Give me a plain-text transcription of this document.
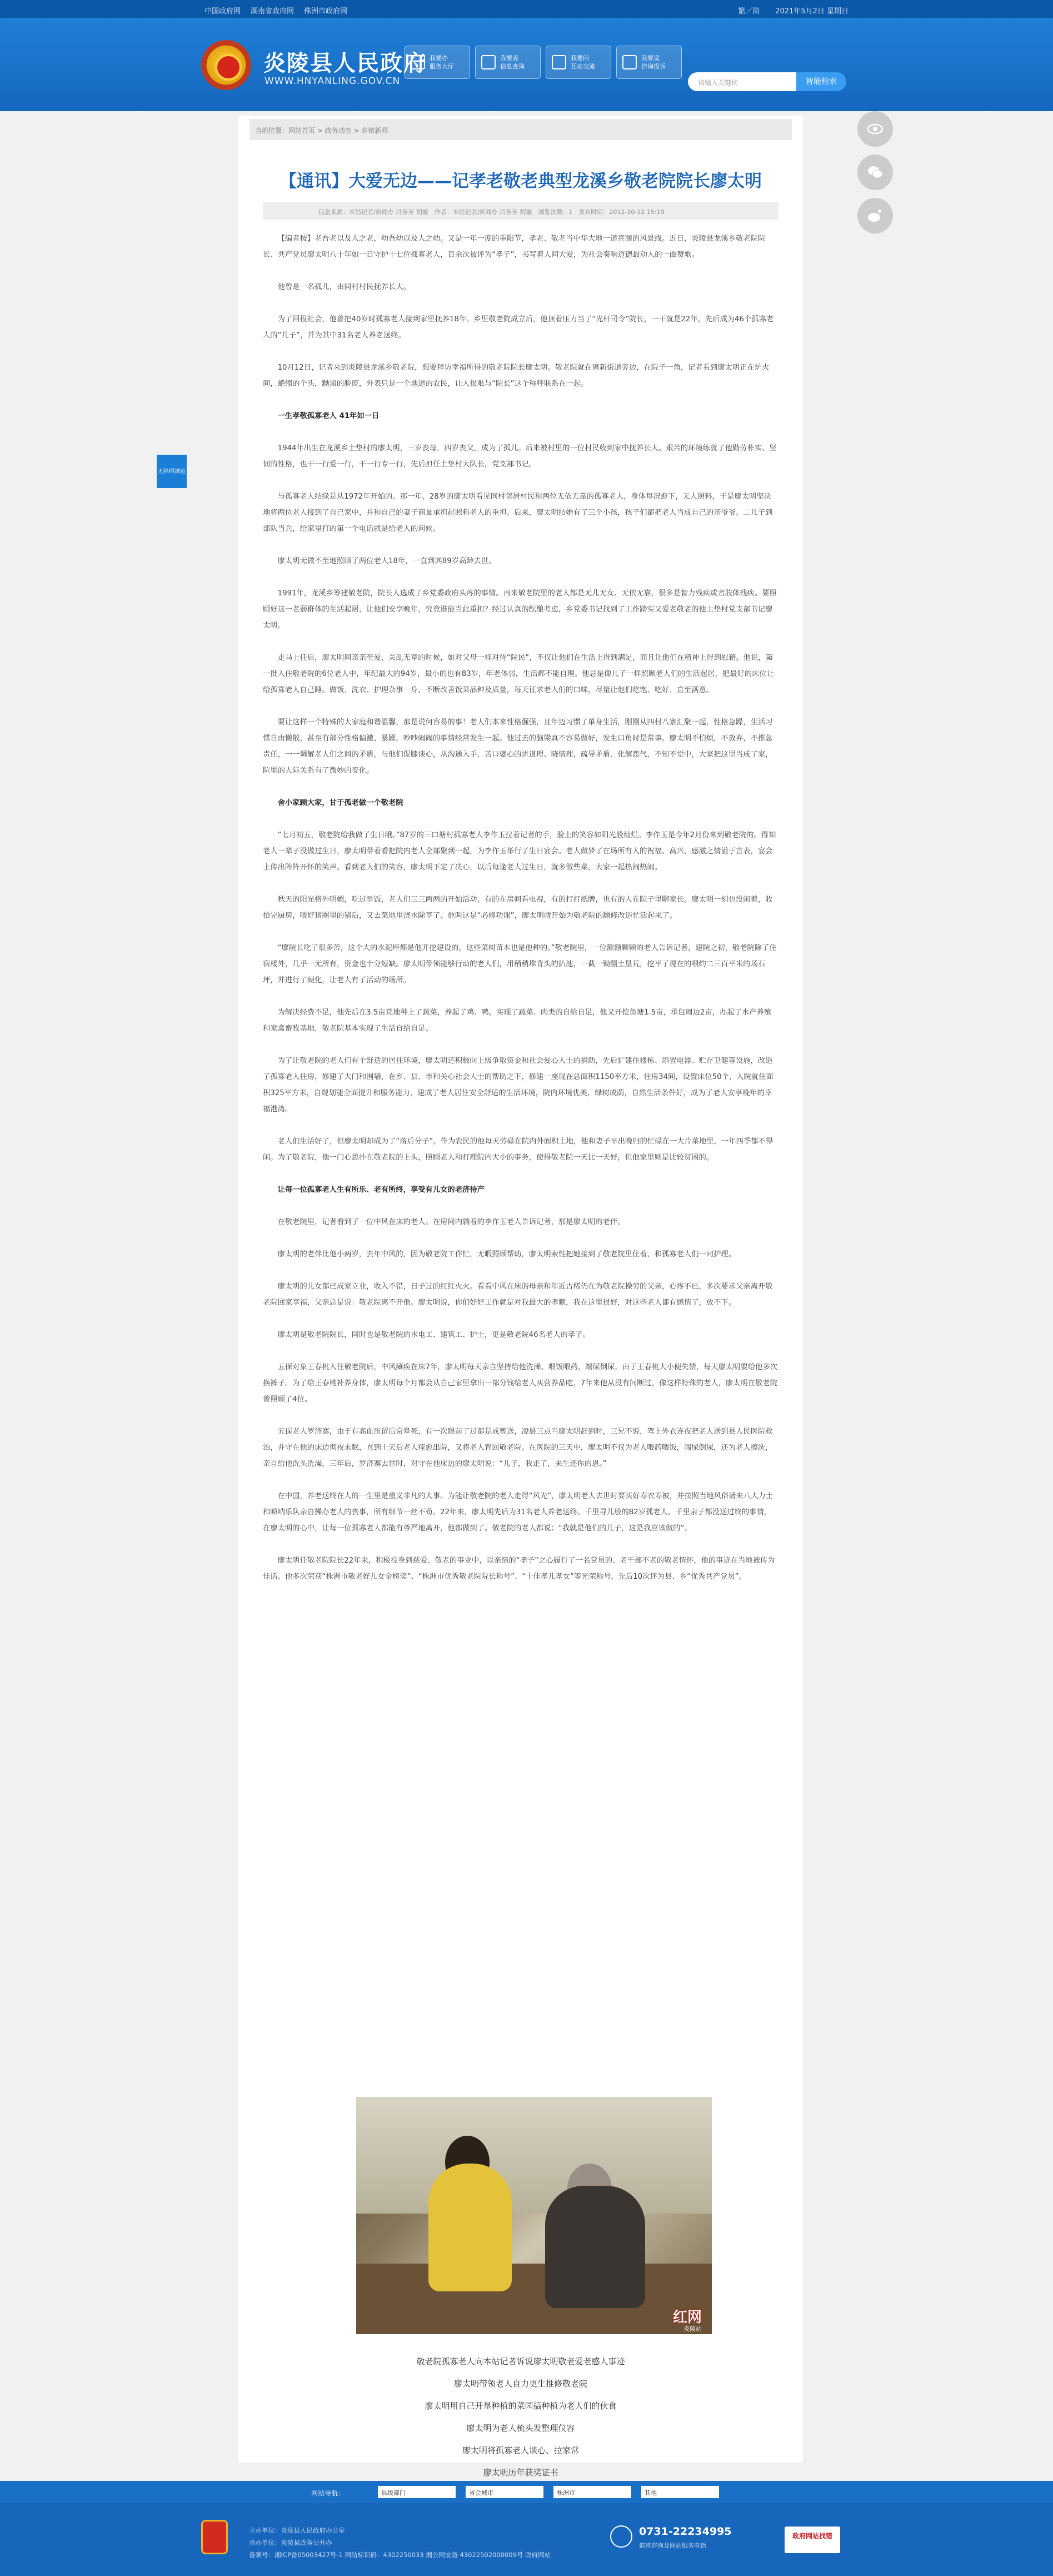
中国政府网 湖南省政府网 株洲市政府网	繁／简 2021年5月2日 星期日
炎陵县人民政府
WWW.HNYANLING.GOV.CN
我要办
服务大厅
我要查
信息查询
我要问
互动交流
我要说
咨询投诉
请输入关键词	智能检索
无障碍浏览
当前位置：网站首页 > 政务动态 > 乡镇新闻
【通讯】大爱无边——记孝老敬老典型龙溪乡敬老院院长廖太明
信息来源：本站记者/新闻办 冯芳芳 胡璇　作者：本站记者/新闻办 冯芳芳 胡璇　浏览次数：1　发布时间：2012-10-12 15:19

【编者按】老吾老以及人之老，幼吾幼以及人之幼。又是一年一度的重阳节，孝老、敬老当中华大地一道亮丽的风景线。近日，炎陵县龙溪乡敬老院院长、共产党员廖太明八十年如一日守护十七位孤寡老人，百余次被评为“孝子”，书写着人间大爱，为社会奏响道德最动人的一曲赞歌。

他曾是一名孤儿，由同村村民抚养长大。

为了回报社会，他曾把40岁时孤寡老人接到家里抚养18年。乡里敬老院成立后，他顶着压力当了“光杆司令”院长，一干就是22年，先后成为46个孤寡老人的“儿子”，并为其中31名老人养老送终。

10月12日，记者来到炎陵县龙溪乡敬老院，想要拜访幸福所得的敬老院院长廖太明。敬老院就在离新街道旁边，在院子一角，记者看到廖太明正在炉火间，蜷缩的个头，黝黑的脸庞，外表只是一个地道的农民，让人很难与“院长”这个称呼联系在一起。

一生孝敬孤寡老人 41年如一日

1944年出生在龙溪乡土垫村的廖太明，三岁丧母，四岁丧父，成为了孤儿。后来被村里的一位村民收到家中抚养长大。艰苦的环境练就了他勤劳朴实、坚韧的性格，也干一行爱一行，干一行专一行，先后担任土垫村大队长，党支部书记。

与孤寡老人结缘是从1972年开始的。那一年，28岁的廖太明看见同村邻居村民和两位无依无靠的孤寡老人，身体每况愈下，无人照料，于是廖太明坚决地将两位老人接到了自己家中，并和自己的妻子商量承担起照料老人的重担。后来，廖太明结婚有了三个小孩，孩子们都把老人当成自己的亲爷爷。二儿子到部队当兵，给家里打的第一个电话就是给老人的问候。

廖太明无微不至地照顾了两位老人18年，一直到其89岁高龄去世。

1991年，龙溪乡筹建敬老院，院长人选成了乡党委政府头疼的事情。再来敬老院里的老人都是无儿无女、无依无靠，很多是智力残疾或者肢体残疾。要照顾好这一老弱群体的生活起居，让他们安享晚年，究竟谁能当此重担？经过认真的酝酿考虑，乡党委书记找到了工作踏实又爱老敬老的他土垫村党支部书记廖太明。

走马上任后，廖太明同亲亲至爱，关乱无章的时候，如对父母一样对待“院民”，不仅让他们在生活上得到满足，而且让他们在精神上得到慰藉。他说，第一批入住敬老院的6位老人中，年纪最大的94岁，最小的也有83岁，年老体弱，生活都不能自理。他总是像儿子一样照顾老人们的生活起居，把最好的床位让给孤寡老人自己睡。做饭、洗衣、护理杂事一身，不断改善饭菜品种及质量，每天征求老人们的口味，尽量让他们吃饱、吃好、直至满意。

要让这样一个特殊的大家庭和谐温馨，那是说何容易的事！老人们本来性格倔强，且年迈习惯了单身生活，刚刚从四村八寨汇聚一起，性格急躁，生活习惯自由懒散，甚至有部分性格偏激、暴躁，吵吵闹闹的事情经常发生一起。他过去的脑梁真不容易做好，发生口角时是常事。廖太明不怕烦，不放弃，不推急责任，一一调解老人们之间的矛盾，与他们促膝谈心，从沟通入手，苦口婆心的讲道理、晓情理，疏导矛盾、化解怨气，不知不觉中，大家把这里当成了家，院里的人际关系有了微妙的变化。

舍小家顾大家，甘于孤老做一个敬老院

“七月初五，敬老院给我做了生日哦。”87岁的三口塘村孤寡老人李作玉拉着记者的手，脸上的笑容如阳光般灿烂。李作玉是今年2月份来到敬老院的。得知老人一辈子没做过生日，廖太明带着看把院内老人全部聚到一起，为李作玉举行了生日宴会。老人做梦了在场所有人的祝福、高兴、感激之情溢于言表，宴会上传出阵阵开怀的笑声。看到老人们的笑容，廖太明下定了决心，以后每逢老人过生日，就多做些菜，大家一起热闹热闹。

秋天的阳光格外明媚，吃过早饭，老人们三三两两的开始活动，有的在房间看电视，有的打打纸牌，也有的人在院子里聊家长。廖太明一刻也没闲着，收拾完厨房，喂好猪圈里的猪后，又去菜地里浇水除草了。他叫这是“必修功课”，廖太明就开始为敬老院的翻修改造忙活起来了。

“廖院长吃了很多苦，这个大的水泥坪都是他开挖建设的，这些菜树苗木也是他种的。”敬老院里，一位额额颗颗的老人告诉记者，建院之初，敬老院除了住宿楼外，几乎一无所有，资金也十分短缺。廖太明带领能够行动的老人们，用稍稍堆背头的扒池，一截一锄翻土垦荒，挖平了现在的喂约二三百平米的场石坪，并进行了硬化，让老人有了活动的场所。

为解决经费不足，他先后在3.5亩荒地种上了蔬菜，养起了鸡、鸭，实现了蔬菜、肉类的自给自足，他又开挖鱼塘1.5亩，承包周边2亩，办起了水产养殖和家禽畜牧基地，敬老院基本实现了生活自给自足。

为了让敬老院的老人们有个舒适的居住环境，廖太明还积极向上级争取资金和社会爱心人士的捐助，先后扩建住楼栋、添置电器、贮存卫健等设施，改造了孤寡老人住房，修建了大门和围墙，在乡、县、市和关心社会人士的帮助之下，修建一座现在总面积1150平方米，住房34间，设置床位50个，入院就住面积325平方米，自规划能全面提升和服务能力，建成了老人居住安全舒适的生活环境，院内环境优美，绿树成荫，自然生活条件好，成为了老人安享晚年的幸福港湾。

老人们生活好了，但廖太明却成为了“落后分子”。作为农民的他每天劳碌在院内外面积土地，他和妻子早出晚归的忙碌在一大片菜地里，一年四季都不得闲。为了敬老院，他一门心思扑在敬老院的上头，照顾老人和打理院内大小的事务，使得敬老院一天比一天好，但他家里则是比较贫困的。

让每一位孤寡老人生有所乐、老有所终，享受有儿女的老济待产

在敬老院里，记者看到了一位中风在床的老人。在房间内躺着的李作玉老人告诉记者，那是廖太明的老伴。

廖太明的老伴比他小两岁，去年中风的，因为敬老院工作忙，无暇照顾帮助，廖太明索性把她接到了敬老院里住着，和孤寡老人们一同护理。

廖太明的儿女都已成家立业，收入不错，日子过的红红火火。看看中风在床的母亲和年近古稀仍在为敬老院操劳的父亲，心疼不已，多次要求父亲离开敬老院回家享福，父亲总是说：敬老院离不开他。廖太明说，你们好好工作就是对我最大的孝顺，我在这里很好，对这些老人都有感情了，放不下。

廖太明是敬老院院长，同时也是敬老院的水电工、建筑工、护士，更是敬老院46名老人的孝子。

五保对象王春桃入住敬老院后，中风瘫痪在床7年，廖太明每天亲自坚持给他洗澡、喂饭喂药，端屎倒尿，由于王春桃大小便失禁，每天廖太明要给他多次换裤子。为了给王春桃补养身体，廖太明每个月都会从自己家里拿出一部分钱给老人买营养品吃，7年来他从没有间断过，像这样特殊的老人，廖太明在敬老院曾照顾了4位。

五保老人罗济寨，由于有高血压留后常晕死，有一次眼前了过都是成葬送，凌晨三点当廖太明赶到时，三兄不说，驾上外衣连夜把老人送到县人民医院救治，并守在他的床边彻夜未眠，直到十天后老人痊愈出院，又将老人背回敬老院。在医院的三天中，廖太明不仅为老人喂药喂饭，端屎倒尿，还为老人擦洗，亲自给他洗头洗澡，三年后，罗济寨去世时，对守在他床边的廖太明说：“儿子，我走了，来生还你的恩。”

在中国，养老送终在人的一生里是重义非凡的大事。为能让敬老院的老人走得“风光”，廖太明老人去世时要买好寿衣寿被，并按照当地风俗请来八大力士和唢呐乐队亲自操办老人的丧事，所有细节一丝不苟。22年来，廖太明先后为31名老人养老送终。千里寻儿般的82岁孤老人、千里亲子都没送过终的事情，在廖太明的心中，让每一位孤寡老人都能有尊严地离开，他都做到了。敬老院的老人都说：“我就是他们的儿子，这是我应该做的”。

廖太明任敬老院院长22年来，积极投身到慈爱、敬老的事业中，以亲情的“孝子”之心履行了一名党员的、老干部不老的敬老情怀，他的事迹在当地被传为佳话。他多次荣获“株洲市敬老好儿女金榜奖”、“株洲市优秀敬老院院长称号”、“十佳孝儿孝女”等光荣称号，先后10次评为县、乡“优秀共产党员”。

红网
炎陵站
敬老院孤寡老人向本站记者诉说廖太明敬老爱老感人事迹
廖太明带领老人自力更生推修敬老院
廖太明用自己开垦种植的菜园搞种植为老人们的伙食
廖太明为老人梳头发整理仪容
廖太明将孤寡老人谈心、拉家常
廖太明历年获奖证书
网站导航：	县级部门	省会城市	株洲市	其他
主办单位：炎陵县人民政府办公室
承办单位：炎陵县政务公开办
备案号：湘ICP备05003427号-1 网站标识码：4302250033 湘公网安备 43022502000009号 政府网站
0731-22234995
值班咨询及网站服务电话
政府网站找错
